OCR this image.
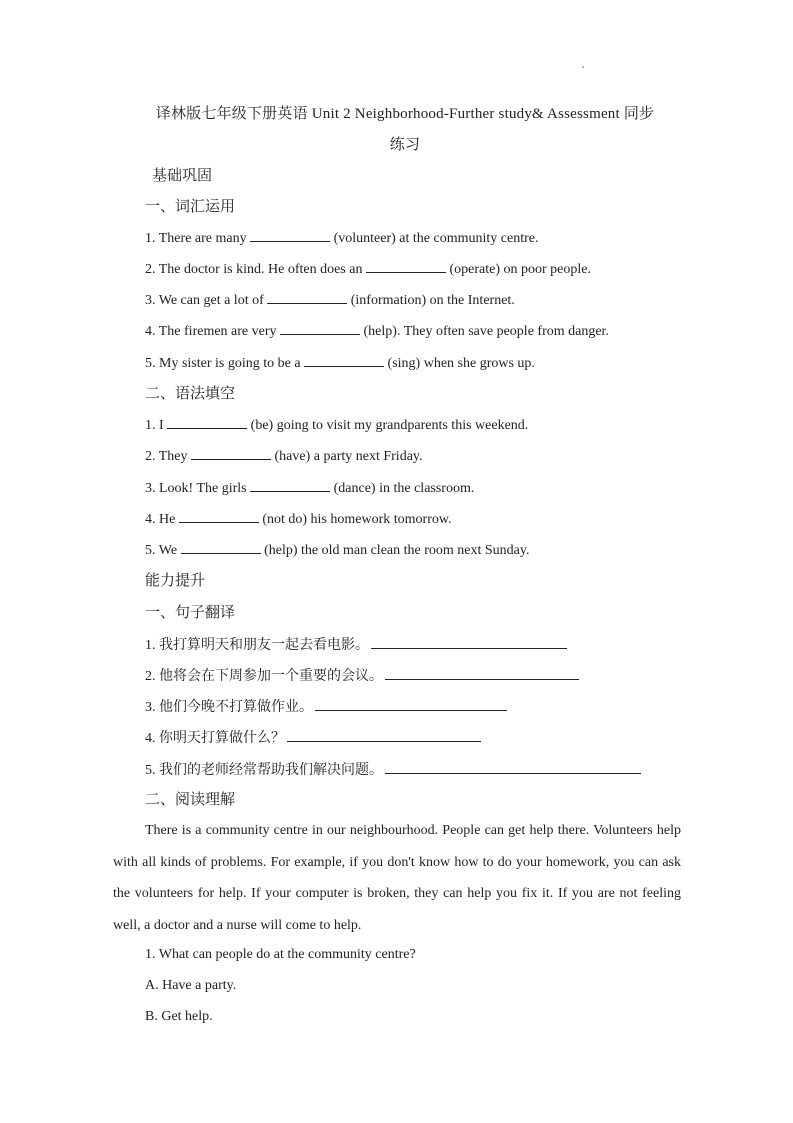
译林版七年级下册英语 Unit 2 Neighborhood-Further study& Assessment 同步
练习
基础巩固
一、词汇运用
1. There are many	(volunteer) at the community centre.
2. The doctor is kind. He often does an	(operate) on poor people.
3. We can get a lot of	(information) on the Internet.
4. The firemen are very	(help). They often save people from danger.
5. My sister is going to be a	(sing) when she grows up.
二、语法填空
1. I	(be) going to visit my grandparents this weekend.
2. They	(have) a party next Friday.
3. Look! The girls	(dance) in the classroom.
4. He	(not do) his homework tomorrow.
5. We	(help) the old man clean the room next Sunday.
能力提升
一、句子翻译
1. 我打算明天和朋友一起去看电影。
2. 他将会在下周参加一个重要的会议。
3. 他们今晚不打算做作业。
4. 你明天打算做什么？
5. 我们的老师经常帮助我们解决问题。
二、阅读理解
There is a community centre in our neighbourhood. People can get help there. Volunteers help with all kinds of problems. For example, if you don't know how to do your homework, you can ask the volunteers for help. If your computer is broken, they can help you fix it. If you are not feeling well, a doctor and a nurse will come to help.
1. What can people do at the community centre?
A. Have a party.
B. Get help.
